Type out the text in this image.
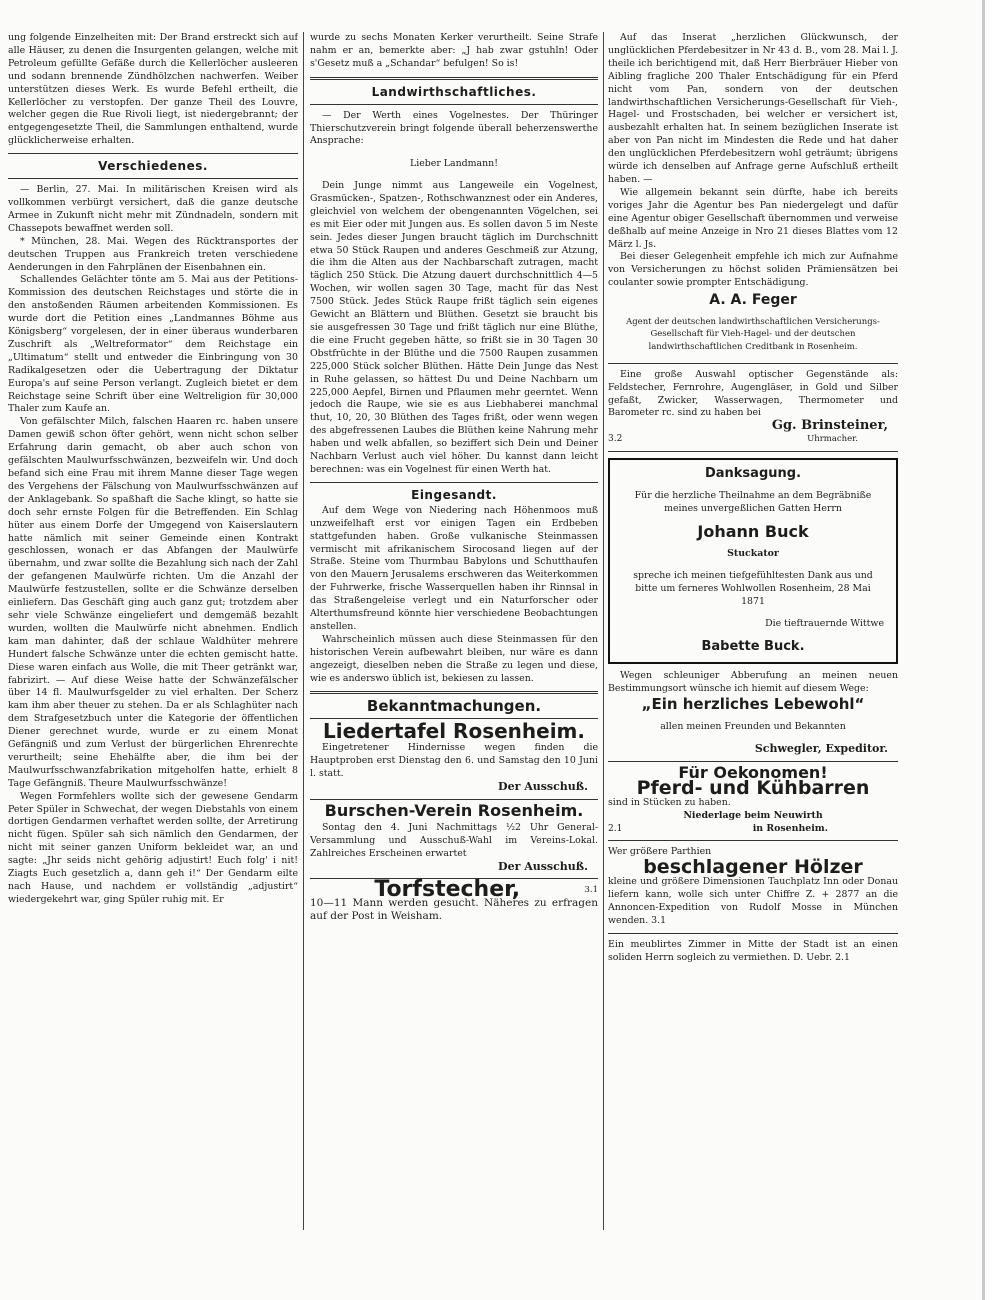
ung folgende Einzelheiten mit: Der Brand erstreckt sich auf alle Häuser, zu denen die Insurgenten gelangen, welche mit Petroleum gefüllte Gefäße durch die Kellerlöcher ausleeren und sodann brennende Zündhölzchen nachwerfen. Weiber unterstützen dieses Werk. Es wurde Befehl ertheilt, die Kellerlöcher zu verstopfen. Der ganze Theil des Louvre, welcher gegen die Rue Rivoli liegt, ist niedergebrannt; der entgegengesetzte Theil, die Sammlungen enthaltend, wurde glücklicherweise erhalten.

Verschiedenes.

— Berlin, 27. Mai. In militärischen Kreisen wird als vollkommen verbürgt versichert, daß die ganze deutsche Armee in Zukunft nicht mehr mit Zündnadeln, sondern mit Chassepots bewaffnet werden soll.

* München, 28. Mai. Wegen des Rücktransportes der deutschen Truppen aus Frankreich treten verschiedene Aenderungen in den Fahrplänen der Eisenbahnen ein.

Schallendes Gelächter tönte am 5. Mai aus der Petitions-Kommission des deutschen Reichstages und störte die in den anstoßenden Räumen arbeitenden Kommissionen. Es wurde dort die Petition eines „Landmannes Böhme aus Königsberg“ vorgelesen, der in einer überaus wunderbaren Zuschrift als „Weltreformator“ dem Reichstage ein „Ultimatum“ stellt und entweder die Einbringung von 30 Radikalgesetzen oder die Uebertragung der Diktatur Europa's auf seine Person verlangt. Zugleich bietet er dem Reichstage seine Schrift über eine Weltreligion für 30,000 Thaler zum Kaufe an.

Von gefälschter Milch, falschen Haaren rc. haben unsere Damen gewiß schon öfter gehört, wenn nicht schon selber Erfahrung darin gemacht, ob aber auch schon von gefälschten Maulwurfsschwänzen, bezweifeln wir. Und doch befand sich eine Frau mit ihrem Manne dieser Tage wegen des Vergehens der Fälschung von Maulwurfsschwänzen auf der Anklagebank. So spaßhaft die Sache klingt, so hatte sie doch sehr ernste Folgen für die Betreffenden. Ein Schlag hüter aus einem Dorfe der Umgegend von Kaiserslautern hatte nämlich mit seiner Gemeinde einen Kontrakt geschlossen, wonach er das Abfangen der Maulwürfe übernahm, und zwar sollte die Bezahlung sich nach der Zahl der gefangenen Maulwürfe richten. Um die Anzahl der Maulwürfe festzustellen, sollte er die Schwänze derselben einliefern. Das Geschäft ging auch ganz gut; trotzdem aber sehr viele Schwänze eingeliefert und demgemäß bezahlt wurden, wollten die Maulwürfe nicht abnehmen. Endlich kam man dahinter, daß der schlaue Waldhüter mehrere Hundert falsche Schwänze unter die echten gemischt hatte. Diese waren einfach aus Wolle, die mit Theer getränkt war, fabrizirt. — Auf diese Weise hatte der Schwänzefälscher über 14 fl. Maulwurfsgelder zu viel erhalten. Der Scherz kam ihm aber theuer zu stehen. Da er als Schlaghüter nach dem Strafgesetzbuch unter die Kategorie der öffentlichen Diener gerechnet wurde, wurde er zu einem Monat Gefängniß und zum Verlust der bürgerlichen Ehrenrechte verurtheilt; seine Ehehälfte aber, die ihm bei der Maulwurfsschwanzfabrikation mitgeholfen hatte, erhielt 8 Tage Gefängniß. Theure Maulwurfsschwänze!

Wegen Formfehlers wollte sich der gewesene Gendarm Peter Spüler in Schwechat, der wegen Diebstahls von einem dortigen Gendarmen verhaftet werden sollte, der Arretirung nicht fügen. Spüler sah sich nämlich den Gendarmen, der nicht mit seiner ganzen Uniform bekleidet war, an und sagte: „Jhr seids nicht gehörig adjustirt! Euch folg' i nit! Ziagts Euch gesetzlich a, dann geh i!“ Der Gendarm eilte nach Hause, und nachdem er vollständig „adjustirt“ wiedergekehrt war, ging Spüler ruhig mit. Er

wurde zu sechs Monaten Kerker verurtheilt. Seine Strafe nahm er an, bemerkte aber: „J hab zwar gstuhln! Oder s'Gesetz muß a „Schandar“ befulgen! So is!

Landwirthschaftliches.

— Der Werth eines Vogelnestes. Der Thüringer Thierschutzverein bringt folgende überall beherzenswerthe Ansprache:

Lieber Landmann!

Dein Junge nimmt aus Langeweile ein Vogelnest, Grasmücken-, Spatzen-, Rothschwanznest oder ein Anderes, gleichviel von welchem der obengenannten Vögelchen, sei es mit Eier oder mit Jungen aus. Es sollen davon 5 im Neste sein. Jedes dieser Jungen braucht täglich im Durchschnitt etwa 50 Stück Raupen und anderes Geschmeiß zur Atzung, die ihm die Alten aus der Nachbarschaft zutragen, macht täglich 250 Stück. Die Atzung dauert durchschnittlich 4—5 Wochen, wir wollen sagen 30 Tage, macht für das Nest 7500 Stück. Jedes Stück Raupe frißt täglich sein eigenes Gewicht an Blättern und Blüthen. Gesetzt sie braucht bis sie ausgefressen 30 Tage und frißt täglich nur eine Blüthe, die eine Frucht gegeben hätte, so frißt sie in 30 Tagen 30 Obstfrüchte in der Blüthe und die 7500 Raupen zusammen 225,000 Stück solcher Blüthen. Hätte Dein Junge das Nest in Ruhe gelassen, so hättest Du und Deine Nachbarn um 225,000 Aepfel, Birnen und Pflaumen mehr geerntet. Wenn jedoch die Raupe, wie sie es aus Liebhaberei manchmal thut, 10, 20, 30 Blüthen des Tages frißt, oder wenn wegen des abgefressenen Laubes die Blüthen keine Nahrung mehr haben und welk abfallen, so beziffert sich Dein und Deiner Nachbarn Verlust auch viel höher. Du kannst dann leicht berechnen: was ein Vogelnest für einen Werth hat.

Eingesandt.

Auf dem Wege von Niedering nach Höhenmoos muß unzweifelhaft erst vor einigen Tagen ein Erdbeben stattgefunden haben. Große vulkanische Steinmassen vermischt mit afrikanischem Sirocosand liegen auf der Straße. Steine vom Thurmbau Babylons und Schutthaufen von den Mauern Jerusalems erschweren das Weiterkommen der Fuhrwerke, frische Wasserquellen haben ihr Rinnsal in das Straßengeleise verlegt und ein Naturforscher oder Alterthumsfreund könnte hier verschiedene Beobachtungen anstellen.

Wahrscheinlich müssen auch diese Steinmassen für den historischen Verein aufbewahrt bleiben, nur wäre es dann angezeigt, dieselben neben die Straße zu legen und diese, wie es anderswo üblich ist, bekiesen zu lassen.

Bekanntmachungen.
Liedertafel Rosenheim.

Eingetretener Hindernisse wegen finden die Hauptproben erst Dienstag den 6. und Samstag den 10 Juni l. statt.

Der Ausschuß.
Burschen-Verein Rosenheim.

Sontag den 4. Juni Nachmittags ½2 Uhr General-Versammlung und Ausschuß-Wahl im Vereins-Lokal. Zahlreiches Erscheinen erwartet

Der Ausschuß.
Torfstecher,	3.1

10—11 Mann werden gesucht. Näheres zu erfragen auf der Post in Weisham.

Auf das Inserat „herzlichen Glückwunsch, der unglücklichen Pferdebesitzer in Nr 43 d. B., vom 28. Mai l. J. theile ich berichtigend mit, daß Herr Bierbräuer Hieber von Aibling fragliche 200 Thaler Entschädigung für ein Pferd nicht vom Pan, sondern von der deutschen landwirthschaftlichen Versicherungs-Gesellschaft für Vieh-, Hagel- und Frostschaden, bei welcher er versichert ist, ausbezahlt erhalten hat. In seinem bezüglichen Inserate ist aber von Pan nicht im Mindesten die Rede und hat daher den unglücklichen Pferdebesitzern wohl geträumt; übrigens würde ich denselben auf Anfrage gerne Aufschluß ertheilt haben. —

Wie allgemein bekannt sein dürfte, habe ich bereits voriges Jahr die Agentur bes Pan niedergelegt und dafür eine Agentur obiger Gesellschaft übernommen und verweise deßhalb auf meine Anzeige in Nro 21 dieses Blattes vom 12 März l. Js.

Bei dieser Gelegenheit empfehle ich mich zur Aufnahme von Versicherungen zu höchst soliden Prämiensätzen bei coulanter sowie prompter Entschädigung.

A. A. Feger

Agent der deutschen landwirthschaftlichen Versicherungs-Gesellschaft für Vieh-Hagel- und der deutschen landwirthschaftlichen Creditbank in Rosenheim.

Eine große Auswahl optischer Gegenstände als: Feldstecher, Fernrohre, Augengläser, in Gold und Silber gefaßt, Zwicker, Wasserwagen, Thermometer und Barometer rc. sind zu haben bei

Gg. Brinsteiner,
3.2	Uhrmacher.
Danksagung.

Für die herzliche Theilnahme an dem Begräbniße meines unvergeßlichen Gatten Herrn

Johann Buck

Stuckator

spreche ich meinen tiefgefühltesten Dank aus und bitte um ferneres Wohlwollen Rosenheim, 28 Mai 1871

Die tieftrauernde Wittwe

Babette Buck.

Wegen schleuniger Abberufung an meinen neuen Bestimmungsort wünsche ich hiemit auf diesem Wege:

„Ein herzliches Lebewohl“

allen meinen Freunden und Bekannten

Schwegler, Expeditor.
Für Oekonomen!
Pferd- und Kühbarren

sind in Stücken zu haben.

Niederlage beim Neuwirth
2.1	in Rosenheim.

Wer größere Parthien

beschlagener Hölzer

kleine und größere Dimensionen Tauchplatz Inn oder Donau liefern kann, wolle sich unter Chiffre Z. + 2877 an die Annoncen-Expedition von Rudolf Mosse in München wenden. 3.1

Ein meublirtes Zimmer in Mitte der Stadt ist an einen soliden Herrn sogleich zu vermiethen. D. Uebr. 2.1
